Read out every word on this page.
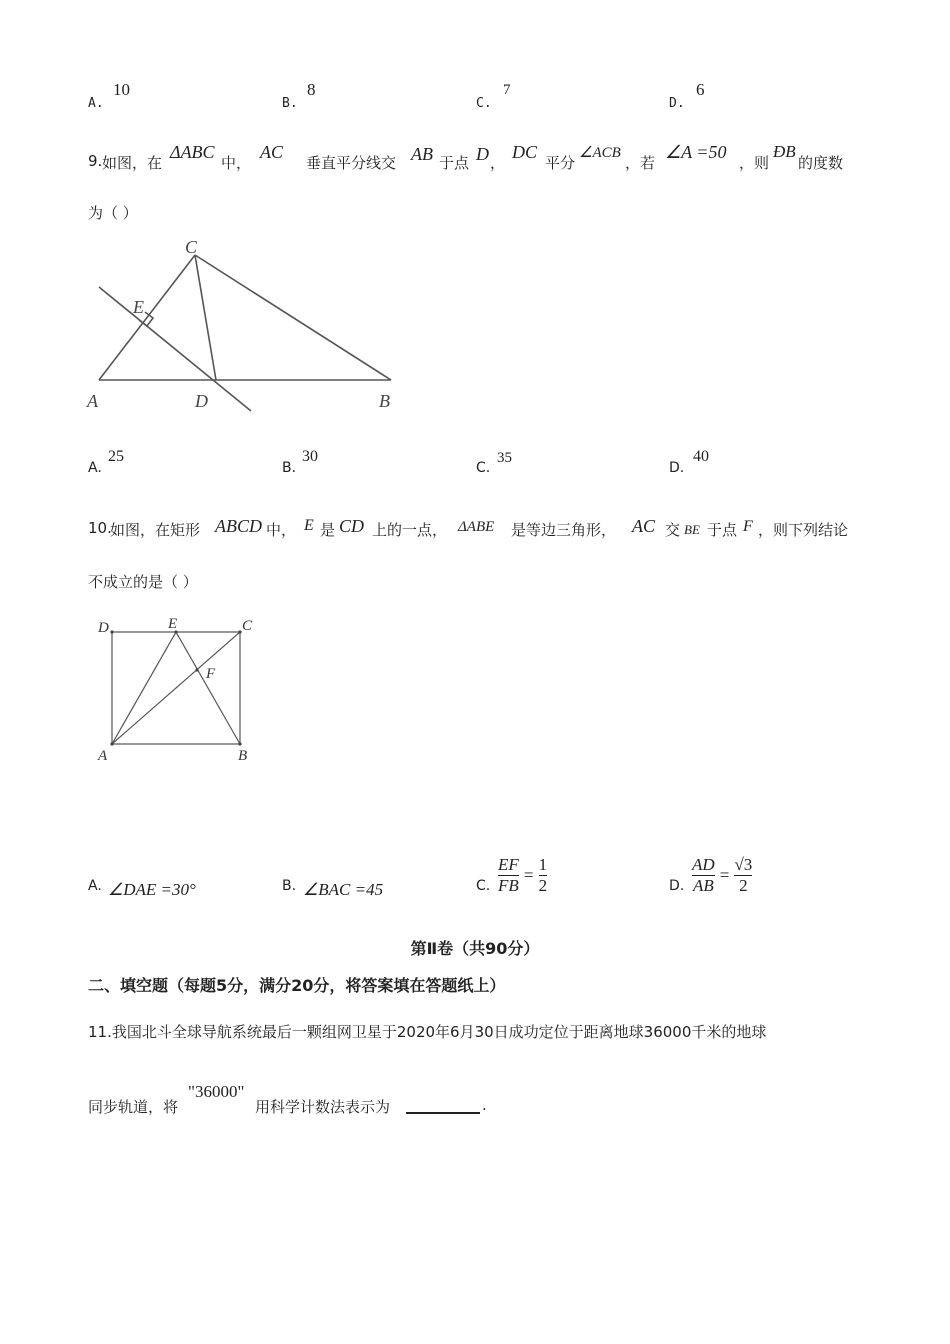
A.
10
B.
8
C.
7
D.
6
9. 如图，在
ΔABC
中，
AC
垂直平分线交 AB 于点 D ，
DC
平分
∠ACB
，若
∠A =50
，则
ÐB
的度数
为（ ）
C
E
A	D	B
A.
25
B.
30
C.
35
D.
40
10.
如图，在矩形 ABCD 中， E 是 CD 上的一点， ΔABE 是等边三角形， AC 交 BE 于点 F ，则下列结论
不成立的是（ ）
D	E	C
F
A	B
A. ∠DAE =30°	B. ∠BAC =45	C. $\frac{EF}{FB} = \frac{1}{2}$	D. $\frac{AD}{AB} = \frac{√3}{2}$
第Ⅱ卷（共90分）
二、填空题（每题5分，满分20分，将答案填在答题纸上）
11.我国北斗全球导航系统最后一颗组网卫星于2020年6月30日成功定位于距离地球36000千米的地球
同步轨道，将
"36000"
用科学计数法表示为	.
